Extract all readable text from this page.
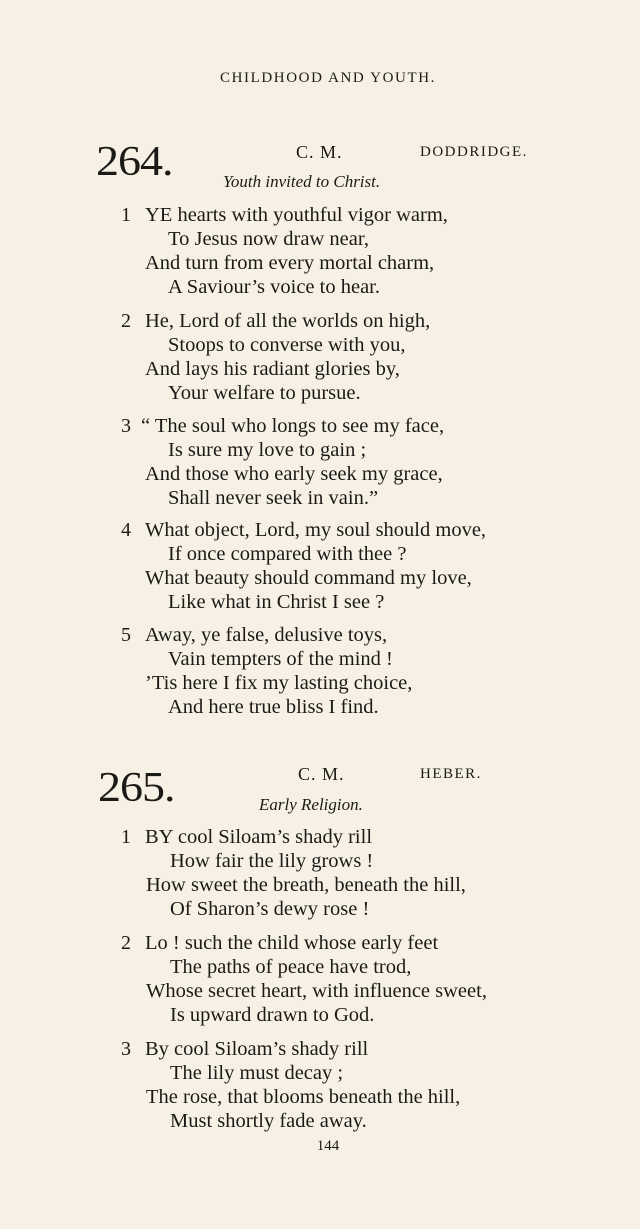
CHILDHOOD AND YOUTH.
264.	C. M.	DODDRIDGE.
Youth invited to Christ.
1 YE hearts with youthful vigor warm,
To Jesus now draw near,
And turn from every mortal charm,
A Saviour’s voice to hear.
2 He, Lord of all the worlds on high,
Stoops to converse with you,
And lays his radiant glories by,
Your welfare to pursue.
3 “ The soul who longs to see my face,
Is sure my love to gain ;
And those who early seek my grace,
Shall never seek in vain.”
4 What object, Lord, my soul should move,
If once compared with thee ?
What beauty should command my love,
Like what in Christ I see ?
5 Away, ye false, delusive toys,
Vain tempters of the mind !
’Tis here I fix my lasting choice,
And here true bliss I find.
265.	C. M.	HEBER.
Early Religion.
1 BY cool Siloam’s shady rill
How fair the lily grows !
How sweet the breath, beneath the hill,
Of Sharon’s dewy rose !
2 Lo ! such the child whose early feet
The paths of peace have trod,
Whose secret heart, with influence sweet,
Is upward drawn to God.
3 By cool Siloam’s shady rill
The lily must decay ;
The rose, that blooms beneath the hill,
Must shortly fade away.
144
